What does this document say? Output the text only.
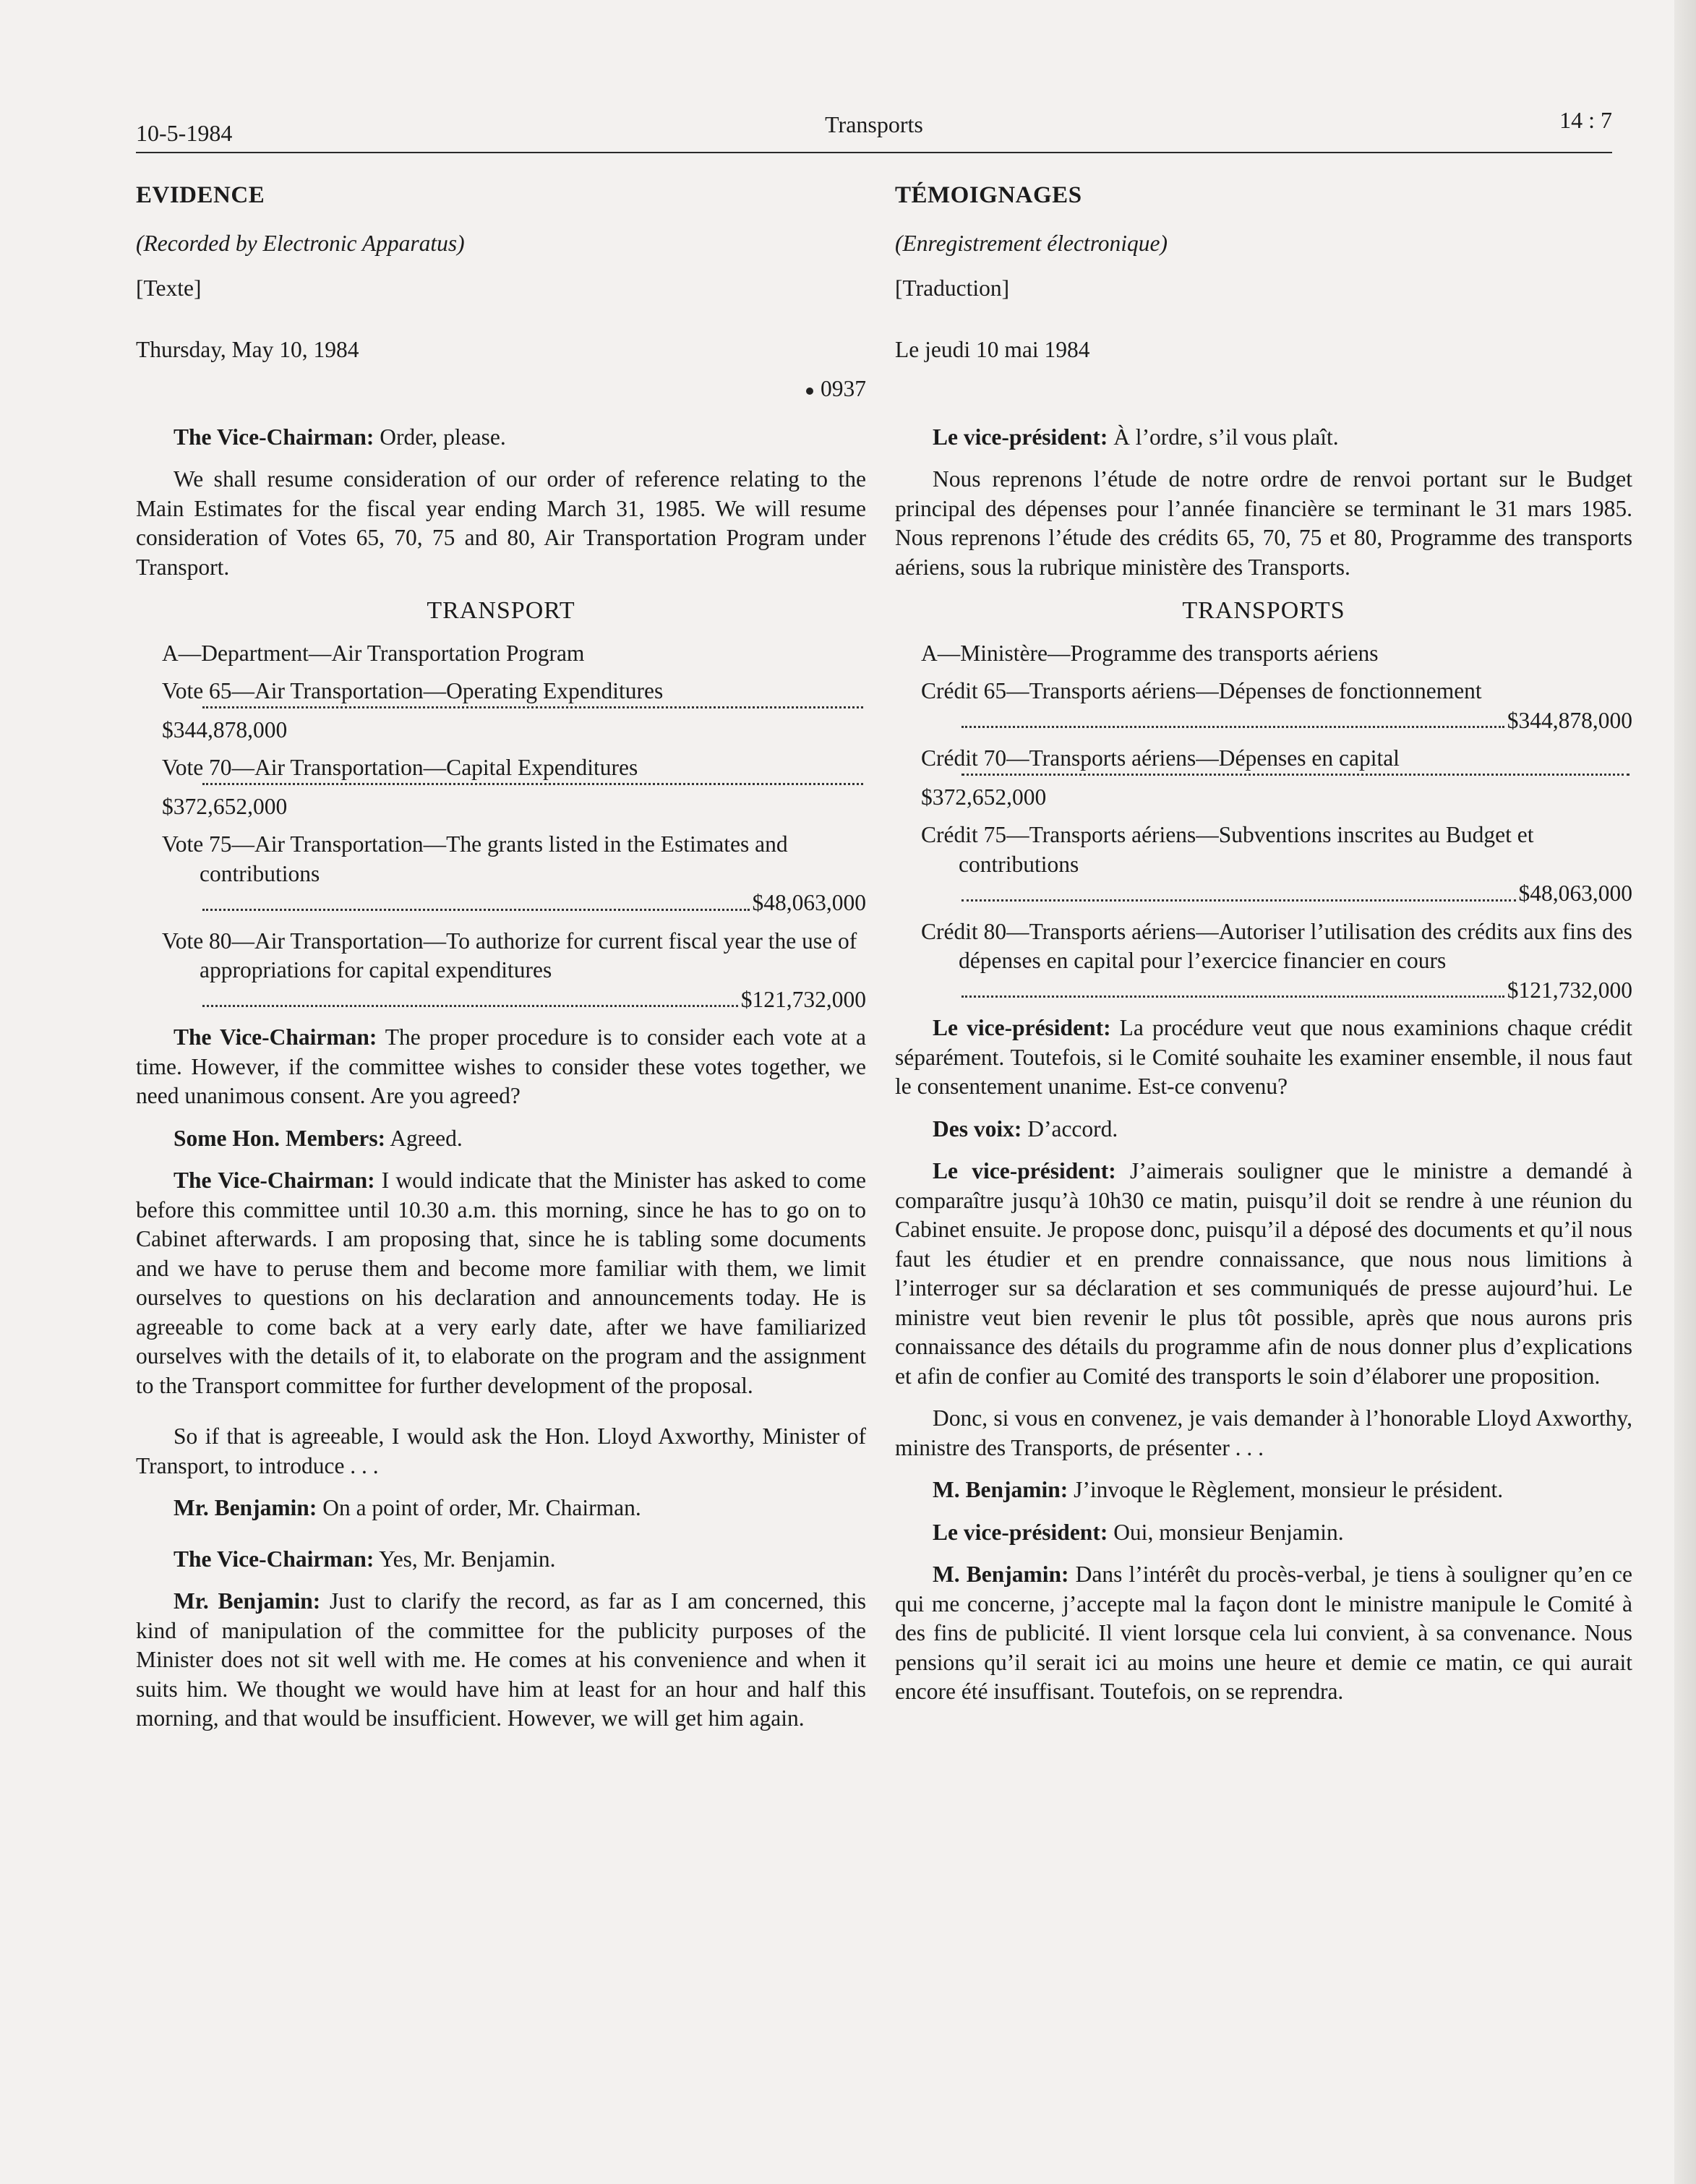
10-5-1984	Transports	14 : 7

EVIDENCE

(Recorded by Electronic Apparatus)

[Texte]

Thursday, May 10, 1984

0937

The Vice-Chairman: Order, please.

We shall resume consideration of our order of reference relating to the Main Estimates for the fiscal year ending March 31, 1985. We will resume consideration of Votes 65, 70, 75 and 80, Air Transportation Program under Transport.

TRANSPORT

A—Department—Air Transportation Program

Vote 65—Air Transportation—Operating Expenditures
$344,878,000

Vote 70—Air Transportation—Capital Expenditures
$372,652,000

Vote 75—Air Transportation—The grants listed in the Estimates and contributions
$48,063,000

Vote 80—Air Transportation—To authorize for current fiscal year the use of appropriations for capital expenditures
$121,732,000

The Vice-Chairman: The proper procedure is to consider each vote at a time. However, if the committee wishes to consider these votes together, we need unanimous consent. Are you agreed?

Some Hon. Members: Agreed.

The Vice-Chairman: I would indicate that the Minister has asked to come before this committee until 10.30 a.m. this morning, since he has to go on to Cabinet afterwards. I am proposing that, since he is tabling some documents and we have to peruse them and become more familiar with them, we limit ourselves to questions on his declaration and announcements today. He is agreeable to come back at a very early date, after we have familiarized ourselves with the details of it, to elaborate on the program and the assignment to the Transport committee for further development of the proposal.

So if that is agreeable, I would ask the Hon. Lloyd Axworthy, Minister of Transport, to introduce . . .

Mr. Benjamin: On a point of order, Mr. Chairman.

The Vice-Chairman: Yes, Mr. Benjamin.

Mr. Benjamin: Just to clarify the record, as far as I am concerned, this kind of manipulation of the committee for the publicity purposes of the Minister does not sit well with me. He comes at his convenience and when it suits him. We thought we would have him at least for an hour and half this morning, and that would be insufficient. However, we will get him again.

TÉMOIGNAGES

(Enregistrement électronique)

[Traduction]

Le jeudi 10 mai 1984

Le vice-président: À l’ordre, s’il vous plaît.

Nous reprenons l’étude de notre ordre de renvoi portant sur le Budget principal des dépenses pour l’année financière se terminant le 31 mars 1985. Nous reprenons l’étude des crédits 65, 70, 75 et 80, Programme des transports aériens, sous la rubrique ministère des Transports.

TRANSPORTS

A—Ministère—Programme des transports aériens

Crédit 65—Transports aériens—Dépenses de fonctionnement
$344,878,000

Crédit 70—Transports aériens—Dépenses en capital
$372,652,000

Crédit 75—Transports aériens—Subventions inscrites au Budget et contributions
$48,063,000

Crédit 80—Transports aériens—Autoriser l’utilisation des crédits aux fins des dépenses en capital pour l’exercice financier en cours
$121,732,000

Le vice-président: La procédure veut que nous examinions chaque crédit séparément. Toutefois, si le Comité souhaite les examiner ensemble, il nous faut le consentement unanime. Est-ce convenu?

Des voix: D’accord.

Le vice-président: J’aimerais souligner que le ministre a demandé à comparaître jusqu’à 10h30 ce matin, puisqu’il doit se rendre à une réunion du Cabinet ensuite. Je propose donc, puisqu’il a déposé des documents et qu’il nous faut les étudier et en prendre connaissance, que nous nous limitions à l’interroger sur sa déclaration et ses communiqués de presse aujourd’hui. Le ministre veut bien revenir le plus tôt possible, après que nous aurons pris connaissance des détails du programme afin de nous donner plus d’explications et afin de confier au Comité des transports le soin d’élaborer une proposition.

Donc, si vous en convenez, je vais demander à l’honorable Lloyd Axworthy, ministre des Transports, de présenter . . .

M. Benjamin: J’invoque le Règlement, monsieur le président.

Le vice-président: Oui, monsieur Benjamin.

M. Benjamin: Dans l’intérêt du procès-verbal, je tiens à souligner qu’en ce qui me concerne, j’accepte mal la façon dont le ministre manipule le Comité à des fins de publicité. Il vient lorsque cela lui convient, à sa convenance. Nous pensions qu’il serait ici au moins une heure et demie ce matin, ce qui aurait encore été insuffisant. Toutefois, on se reprendra.
